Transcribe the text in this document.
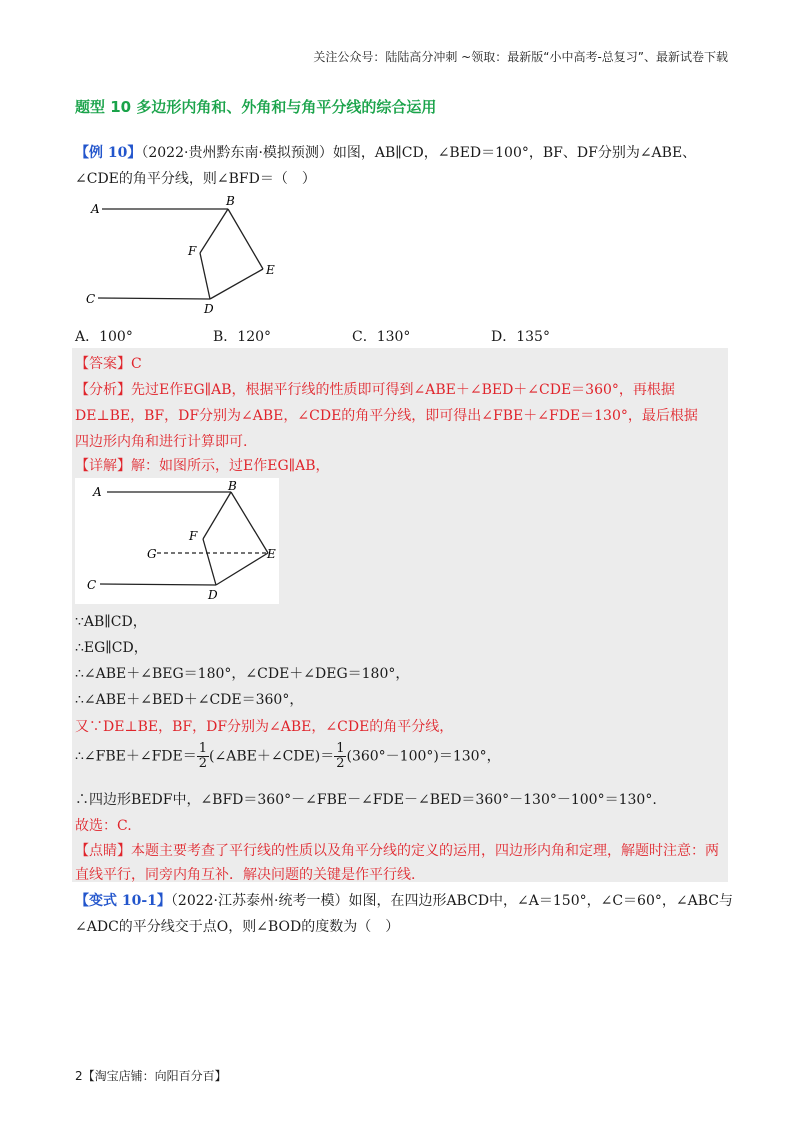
关注公众号：陆陆高分冲刺 ~领取：最新版“小中高考-总复习”、最新试卷下载
题型 10 多边形内角和、外角和与角平分线的综合运用
【例 10】（2022·贵州黔东南·模拟预测）如图，AB∥CD，∠BED＝100°，BF、DF分别为∠ABE、
∠CDE的角平分线，则∠BFD＝（　）
A
B
F
E
C
D
A．100°	B．120°	C．130°	D．135°
【答案】C
【分析】先过E作EG∥AB，根据平行线的性质即可得到∠ABE＋∠BED＋∠CDE＝360°，再根据
DE⊥BE，BF，DF分别为∠ABE，∠CDE的角平分线，即可得出∠FBE＋∠FDE＝130°，最后根据
四边形内角和进行计算即可.
【详解】解：如图所示，过E作EG∥AB，
A	B
F
G	E
C
D
∵AB∥CD，
∴EG∥CD，
∴∠ABE＋∠BEG＝180°，∠CDE＋∠DEG＝180°，
∴∠ABE＋∠BED＋∠CDE＝360°，
又∵DE⊥BE，BF，DF分别为∠ABE，∠CDE的角平分线，
∴∠FBE＋∠FDE＝ $\frac{1}{2}$ (∠ABE＋∠CDE)＝ $\frac{1}{2} (360^\circ-100^\circ)=130^\circ$，
∴四边形BEDF中，∠BFD＝360°－∠FBE－∠FDE－∠BED＝360°－130°－100°＝130°.
故选：C.
【点睛】本题主要考查了平行线的性质以及角平分线的定义的运用，四边形内角和定理，解题时注意：两
直线平行，同旁内角互补．解决问题的关键是作平行线.
【变式 10-1】（2022·江苏泰州·统考一模）如图，在四边形ABCD中，∠A＝150°，∠C＝60°，∠ABC与
∠ADC的平分线交于点O，则∠BOD的度数为（　）
2【淘宝店铺：向阳百分百】
